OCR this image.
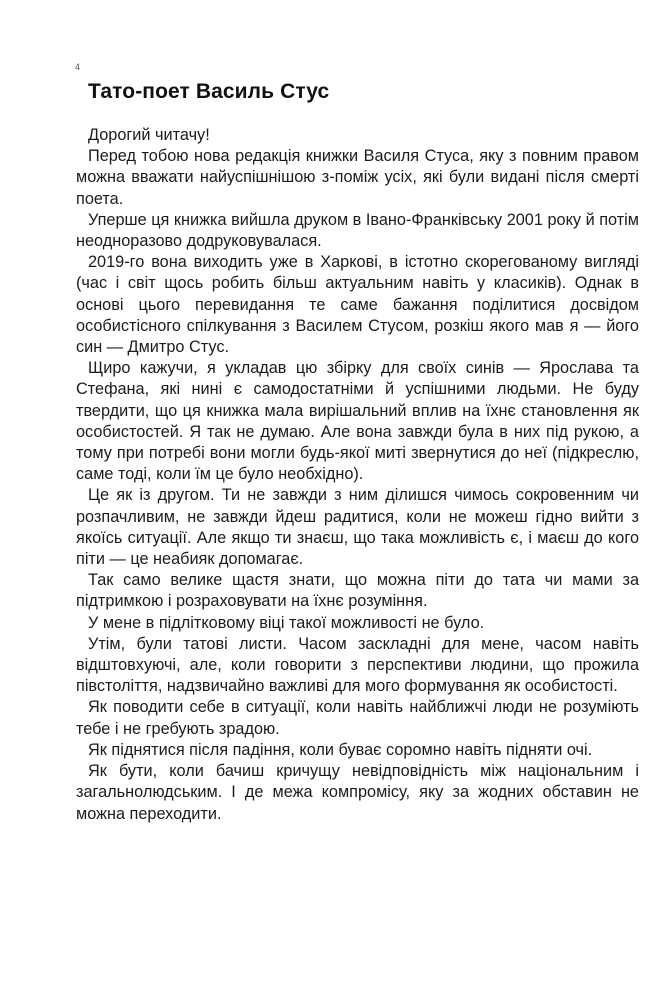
4
Тато-поет Василь Стус

Дорогий читачу!

Перед тобою нова редакція книжки Василя Стуса, яку з повним правом можна вважати найуспішнішою з-поміж усіх, які були видані після смерті поета.

Уперше ця книжка вийшла друком в Івано-Франківську 2001 року й потім неодноразово додруковувалася.

2019-го вона виходить уже в Харкові, в істотно скорегованому вигляді (час і світ щось робить більш актуальним навіть у класиків). Однак в основі цього перевидання те саме бажання поділитися досвідом особистісного спілкування з Василем Стусом, розкіш якого мав я — його син — Дмитро Стус.

Щиро кажучи, я укладав цю збірку для своїх синів — Ярослава та Стефана, які нині є самодостатніми й успішними людьми. Не буду твердити, що ця книжка мала вирішальний вплив на їхнє становлення як особистостей. Я так не думаю. Але вона завжди була в них під рукою, а тому при потребі вони могли будь-якої миті звернутися до неї (підкреслю, саме тоді, коли їм це було необхідно).

Це як із другом. Ти не завжди з ним ділишся чимось сокровенним чи розпачливим, не завжди йдеш радитися, коли не можеш гідно вийти з якоїсь ситуації. Але якщо ти знаєш, що така можливість є, і маєш до кого піти — це неабияк допомагає.

Так само велике щастя знати, що можна піти до тата чи мами за підтримкою і розраховувати на їхнє розуміння.

У мене в підлітковому віці такої можливості не було.

Утім, були татові листи. Часом заскладні для мене, часом навіть відштовхуючі, але, коли говорити з перспективи людини, що прожила півстоліття, надзвичайно важливі для мого формування як особистості.

Як поводити себе в ситуації, коли навіть найближчі люди не розуміють тебе і не гребують зрадою.

Як піднятися після падіння, коли буває соромно навіть підняти очі.

Як бути, коли бачиш кричущу невідповідність між національним і загальнолюдським. І де межа компромісу, яку за жодних обставин не можна переходити.
